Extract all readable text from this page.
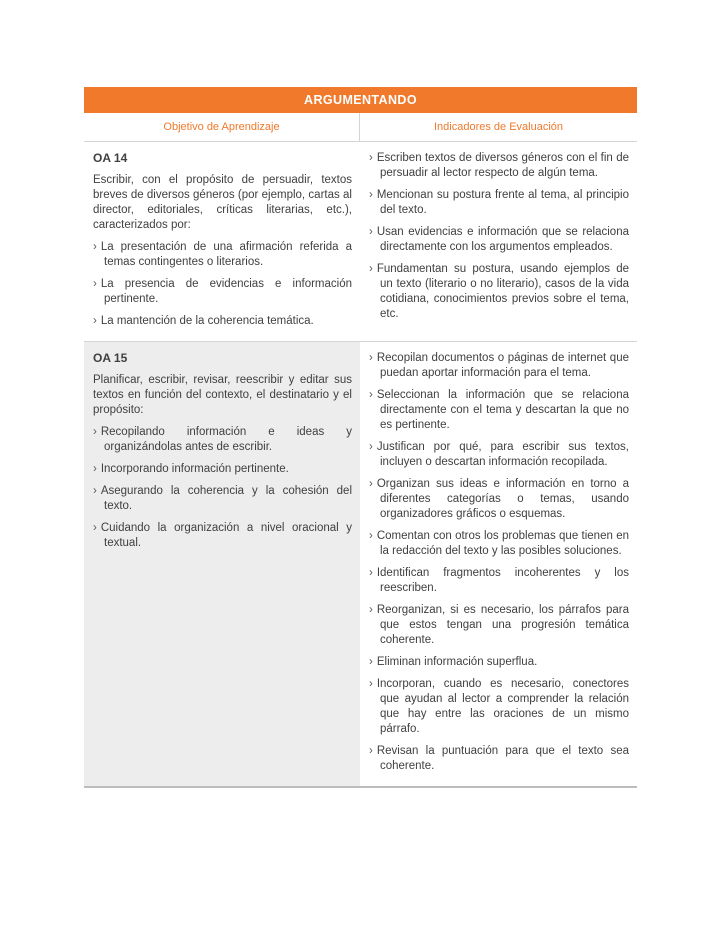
ARGUMENTANDO
Objetivo de Aprendizaje	Indicadores de Evaluación
OA 14

Escribir, con el propósito de persuadir, textos breves de diversos géneros (por ejemplo, cartas al director, editoriales, críticas literarias, etc.), caracterizados por:

› La presentación de una afirmación referida a temas contingentes o literarios.
› La presencia de evidencias e información pertinente.
› La mantención de la coherencia temática.
› Escriben textos de diversos géneros con el fin de persuadir al lector respecto de algún tema.
› Mencionan su postura frente al tema, al principio del texto.
› Usan evidencias e información que se relaciona directamente con los argumentos empleados.
› Fundamentan su postura, usando ejemplos de un texto (literario o no literario), casos de la vida cotidiana, conocimientos previos sobre el tema, etc.
OA 15

Planificar, escribir, revisar, reescribir y editar sus textos en función del contexto, el destinatario y el propósito:

› Recopilando información e ideas y organizándolas antes de escribir.
› Incorporando información pertinente.
› Asegurando la coherencia y la cohesión del texto.
› Cuidando la organización a nivel oracional y textual.
› Recopilan documentos o páginas de internet que puedan aportar información para el tema.
› Seleccionan la información que se relaciona directamente con el tema y descartan la que no es pertinente.
› Justifican por qué, para escribir sus textos, incluyen o descartan información recopilada.
› Organizan sus ideas e información en torno a diferentes categorías o temas, usando organizadores gráficos o esquemas.
› Comentan con otros los problemas que tienen en la redacción del texto y las posibles soluciones.
› Identifican fragmentos incoherentes y los reescriben.
› Reorganizan, si es necesario, los párrafos para que estos tengan una progresión temática coherente.
› Eliminan información superflua.
› Incorporan, cuando es necesario, conectores que ayudan al lector a comprender la relación que hay entre las oraciones de un mismo párrafo.
› Revisan la puntuación para que el texto sea coherente.
